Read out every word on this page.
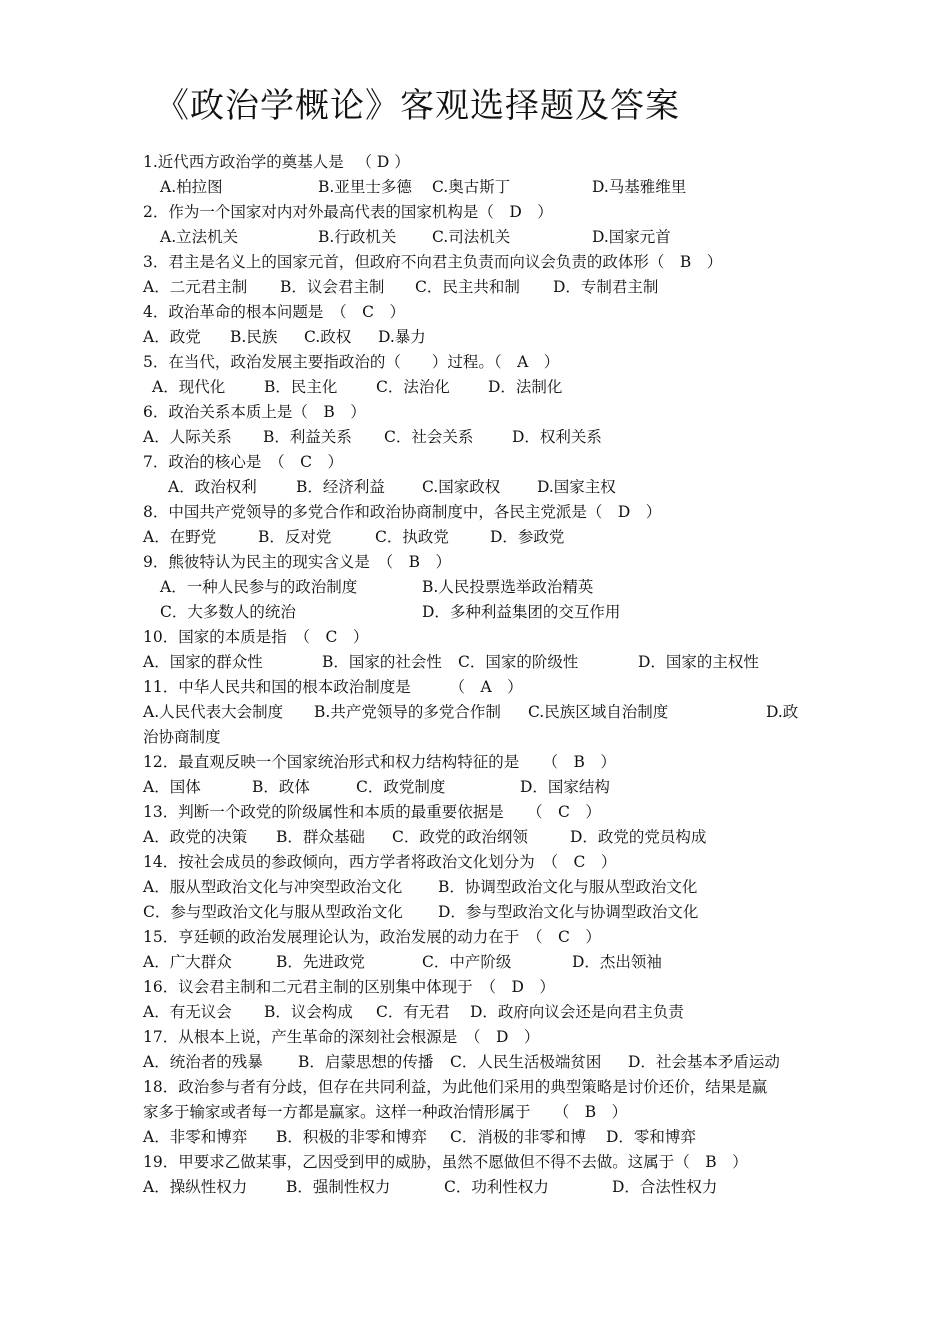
《政治学概论》客观选择题及答案
1.近代西方政治学的奠基人是 　（ D ）
A.柏拉图	B.亚里士多德 C.奥古斯丁	D.马基雅维里
2．作为一个国家对内对外最高代表的国家机构是（　D　）
A.立法机关	B.行政机关 C.司法机关	D.国家元首
3．君主是名义上的国家元首，但政府不向君主负责而向议会负责的政体形（　B　）
A．二元君主制 B．议会君主制 C．民主共和制 D．专制君主制
4．政治革命的根本问题是　（　C　）
A．政党 B.民族 C.政权 D.暴力
5．在当代，政治发展主要指政治的（　　）过程。（　A　）
A．现代化	B．民主化 C．法治化 D．法制化
6．政治关系本质上是（　B　）
A．人际关系 B．利益关系 C．社会关系 D．权利关系
7．政治的核心是　（　C　）
A．政治权利	B．经济利益 C.国家政权 D.国家主权
8．中国共产党领导的多党合作和政治协商制度中，各民主党派是（　D　）
A．在野党	B．反对党	C．执政党	D．参政党
9．熊彼特认为民主的现实含义是　（　B　）
A．一种人民参与的政治制度	B.人民投票选举政治精英
C．大多数人的统治	D．多种利益集团的交互作用
10．国家的本质是指　（　C　）
A．国家的群众性	B．国家的社会性 C．国家的阶级性	D．国家的主权性
11．中华人民共和国的根本政治制度是　　　（　A　）
A.人民代表大会制度 B.共产党领导的多党合作制 C.民族区域自治制度	D.政
治协商制度
12．最直观反映一个国家统治形式和权力结构特征的是　　（　B　）
A．国体	B．政体	C．政党制度	D．国家结构
13．判断一个政党的阶级属性和本质的最重要依据是　　（　C　）
A．政党的决策 B．群众基础 C．政党的政治纲领	D．政党的党员构成
14．按社会成员的参政倾向，西方学者将政治文化划分为　（　C　）
A．服从型政治文化与冲突型政治文化 B．协调型政治文化与服从型政治文化
C．参与型政治文化与服从型政治文化 D．参与型政治文化与协调型政治文化
15．亨廷顿的政治发展理论认为，政治发展的动力在于　（　C　）
A．广大群众	B．先进政党	C．中产阶级	D．杰出领袖
16．议会君主制和二元君主制的区别集中体现于　（　D　）
A．有无议会 B．议会构成 C．有无君 D．政府向议会还是向君主负责
17．从根本上说，产生革命的深刻社会根源是　（　D　）
A．统治者的残暴 B．启蒙思想的传播 C．人民生活极端贫困 D．社会基本矛盾运动
18．政治参与者有分歧，但存在共同利益，为此他们采用的典型策略是讨价还价，结果是赢
家多于输家或者每一方都是赢家。这样一种政治情形属于　　（　B　）
A．非零和博弈 B．积极的非零和博弈 C．消极的非零和博 D．零和博弈
19．甲要求乙做某事，乙因受到甲的威胁，虽然不愿做但不得不去做。这属于（　B　）
A．操纵性权力	B．强制性权力	C．功利性权力	D．合法性权力
